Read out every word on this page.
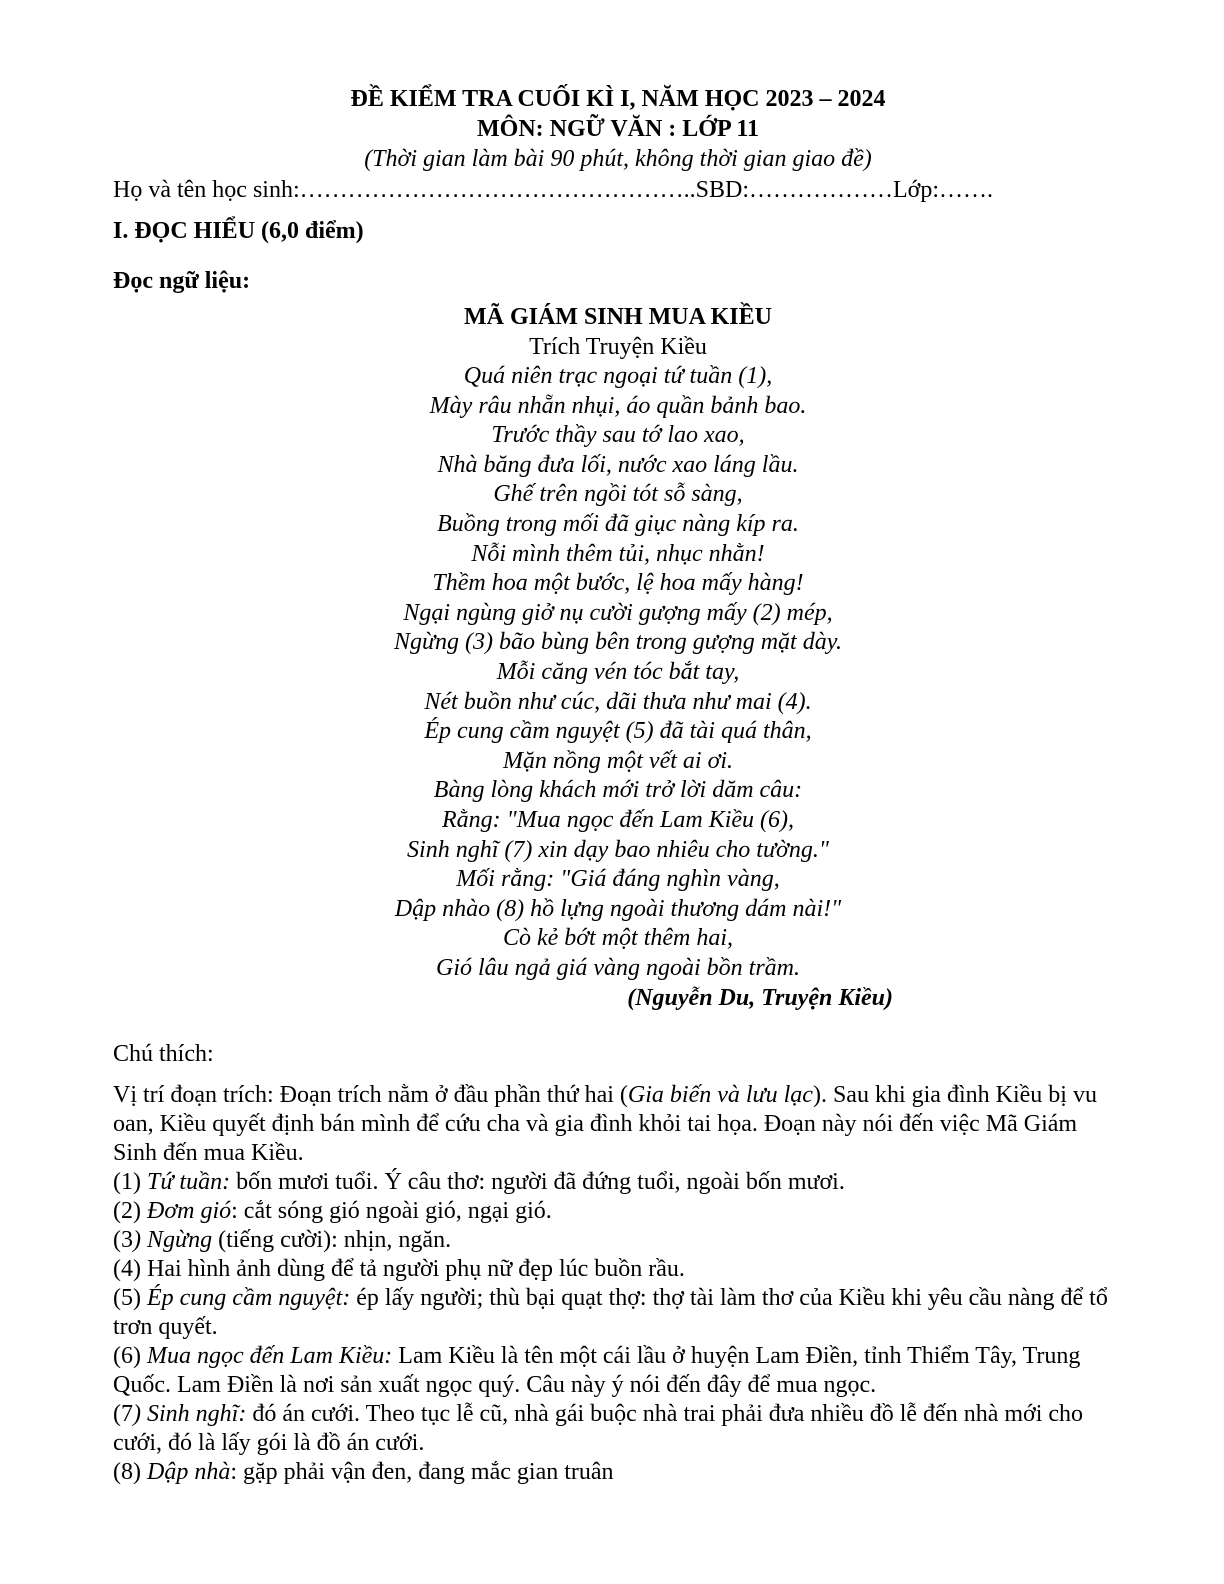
ĐỀ KIỂM TRA CUỐI KÌ I, NĂM HỌC 2023 – 2024

MÔN: NGỮ VĂN : LỚP 11

(Thời gian làm bài 90 phút, không thời gian giao đề)

Họ và tên học sinh:…………………………………………..SBD:………………Lớp:…….

I. ĐỌC HIỂU (6,0 điểm)

Đọc ngữ liệu:

MÃ GIÁM SINH MUA KIỀU

Trích Truyện Kiều

Quá niên trạc ngoại tứ tuần (1),
Mày râu nhẵn nhụi, áo quần bảnh bao.
Trước thầy sau tớ lao xao,
Nhà băng đưa lối, nước xao láng lầu.
Ghế trên ngồi tót sỗ sàng,
Buồng trong mối đã giục nàng kíp ra.
Nỗi mình thêm tủi, nhục nhằn!
Thềm hoa một bước, lệ hoa mấy hàng!
Ngại ngùng giở nụ cười gượng mấy (2) mép,
Ngừng (3) bão bùng bên trong gượng mặt dày.
Mỗi căng vén tóc bắt tay,
Nét buồn như cúc, dãi thưa như mai (4).
Ép cung cầm nguyệt (5) đã tài quá thân,
Mặn nồng một vết ai ơi.
Bàng lòng khách mới trở lời dăm câu:
Rằng: "Mua ngọc đến Lam Kiều (6),
Sinh nghĩ (7) xin dạy bao nhiêu cho tường."
Mối rằng: "Giá đáng nghìn vàng,
Dập nhào (8) hồ lựng ngoài thương dám nài!"
Cò kẻ bớt một thêm hai,
Gió lâu ngả giá vàng ngoài bồn trầm.

(Nguyễn Du, Truyện Kiều)

Chú thích:

Vị trí đoạn trích: Đoạn trích nằm ở đầu phần thứ hai (Gia biến và lưu lạc). Sau khi gia đình Kiều bị vu oan, Kiều quyết định bán mình để cứu cha và gia đình khỏi tai họa. Đoạn này nói đến việc Mã Giám Sinh đến mua Kiều.

(1) Tứ tuần: bốn mươi tuổi. Ý câu thơ: người đã đứng tuổi, ngoài bốn mươi.
(2) Đơm gió: cắt sóng gió ngoài gió, ngại gió.
(3) Ngừng (tiếng cười): nhịn, ngăn.
(4) Hai hình ảnh dùng để tả người phụ nữ đẹp lúc buồn rầu.
(5) Ép cung cầm nguyệt: ép lấy người; thù bại quạt thợ: thợ tài làm thơ của Kiều khi yêu cầu nàng để tổ trơn quyết.
(6) Mua ngọc đến Lam Kiều: Lam Kiều là tên một cái lầu ở huyện Lam Điền, tỉnh Thiểm Tây, Trung Quốc. Lam Điền là nơi sản xuất ngọc quý. Câu này ý nói đến đây để mua ngọc.
(7) Sinh nghĩ: đó án cưới. Theo tục lễ cũ, nhà gái buộc nhà trai phải đưa nhiều đồ lễ đến nhà mới cho cưới, đó là lấy gói là đồ án cưới.
(8) Dập nhà: gặp phải vận đen, đang mắc gian truân
